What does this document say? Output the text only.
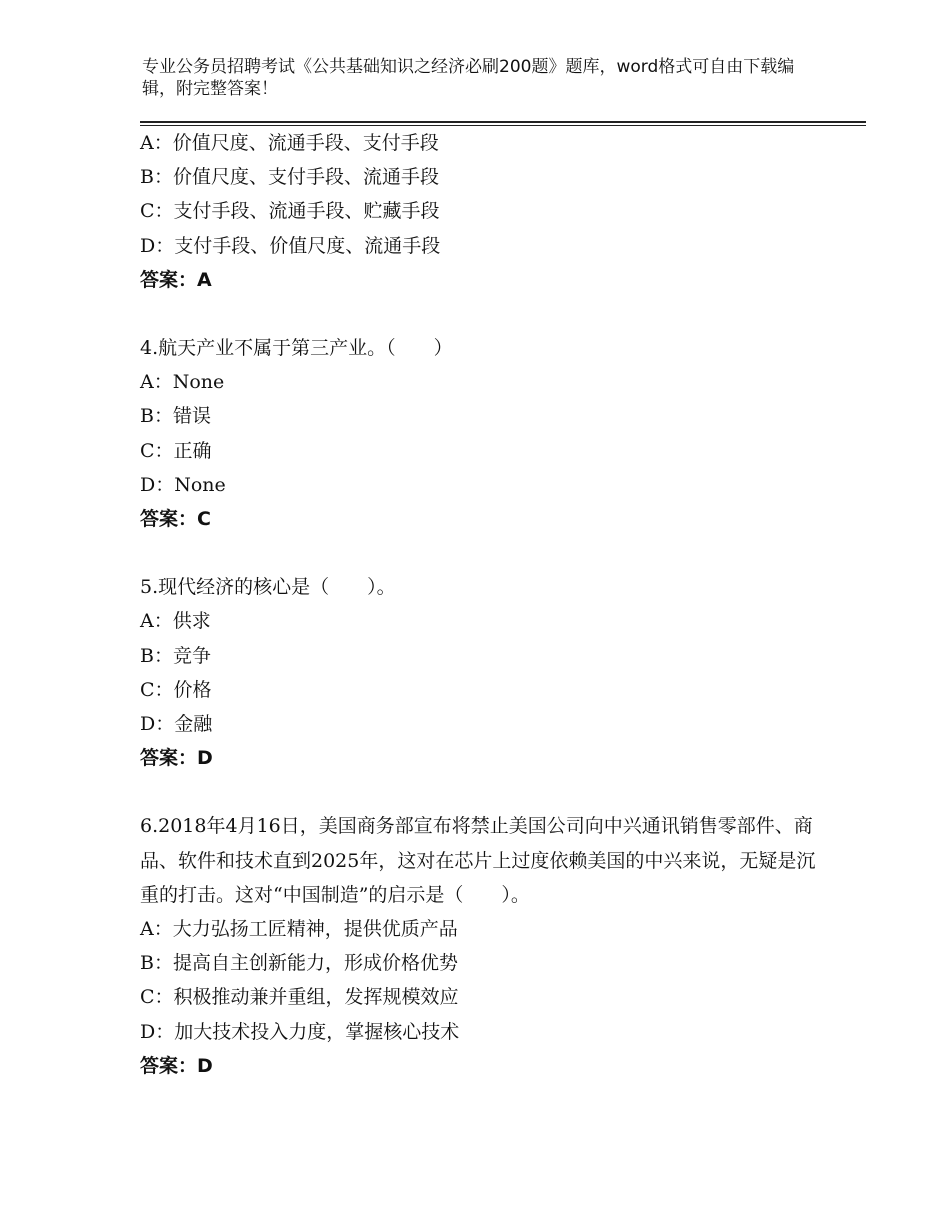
专业公务员招聘考试《公共基础知识之经济必刷200题》题库，word格式可自由下载编辑，附完整答案！
A：价值尺度、流通手段、支付手段
B：价值尺度、支付手段、流通手段
C：支付手段、流通手段、贮藏手段
D：支付手段、价值尺度、流通手段
答案：A
4.航天产业不属于第三产业。（　　）
A：None
B：错误
C：正确
D：None
答案：C
5.现代经济的核心是（　　）。
A：供求
B：竞争
C：价格
D：金融
答案：D
6.2018年4月16日，美国商务部宣布将禁止美国公司向中兴通讯销售零部件、商品、软件和技术直到2025年，这对在芯片上过度依赖美国的中兴来说，无疑是沉重的打击。这对“中国制造”的启示是（　　）。
A：大力弘扬工匠精神，提供优质产品
B：提高自主创新能力，形成价格优势
C：积极推动兼并重组，发挥规模效应
D：加大技术投入力度，掌握核心技术
答案：D
